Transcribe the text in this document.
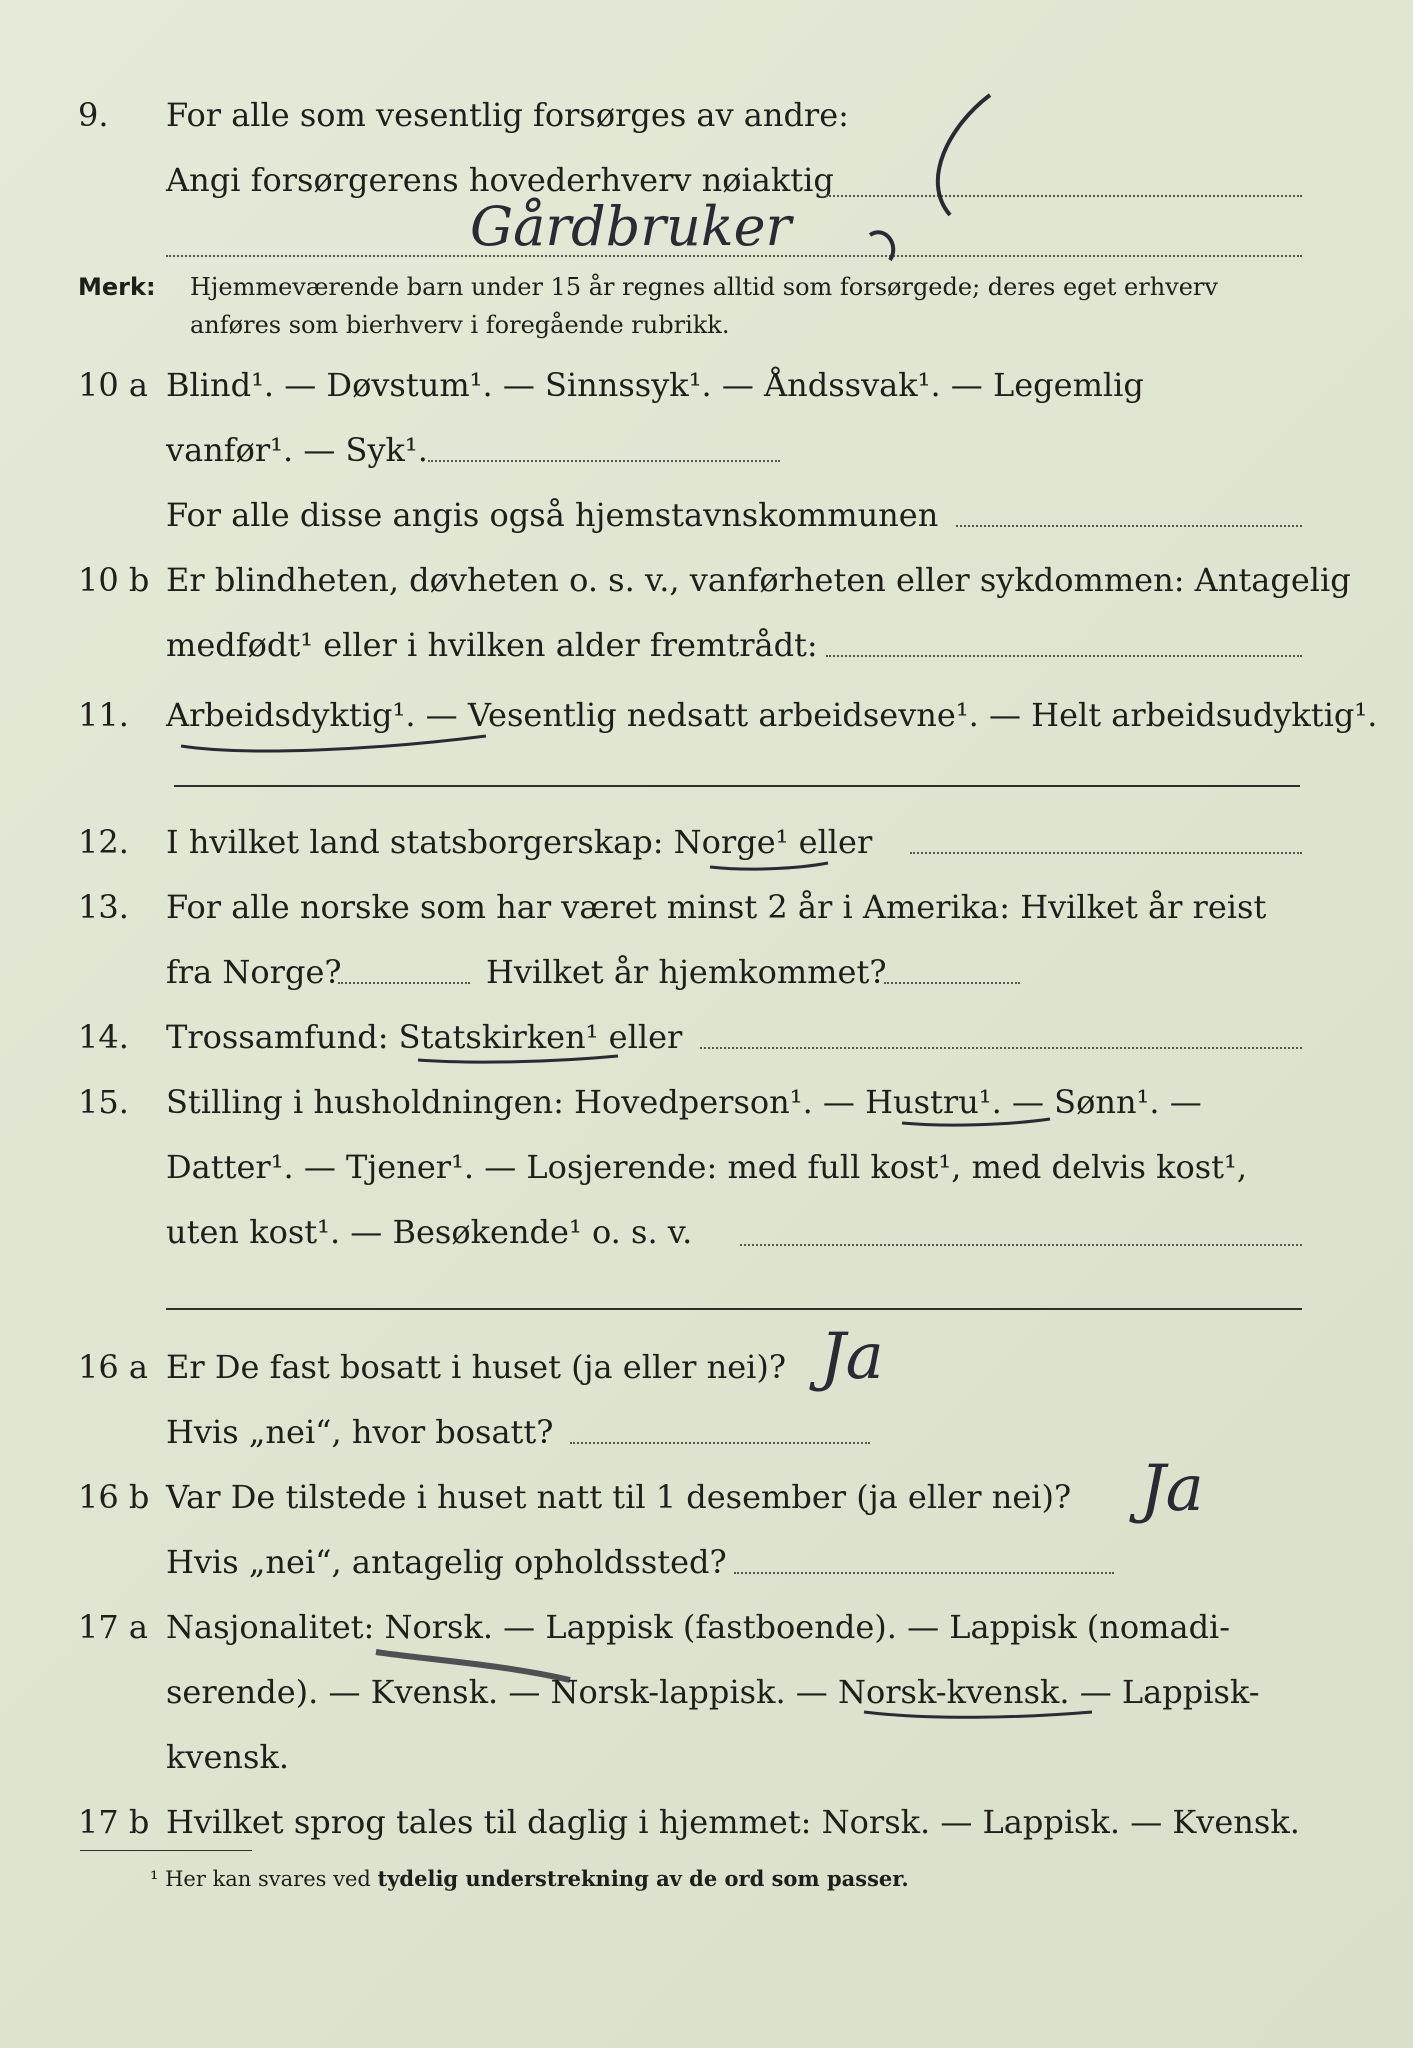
9. For alle som vesentlig forsørges av andre:
Angi forsørgerens hovederhverv nøiaktig
Gårdbruker
Merk: Hjemmeværende barn under 15 år regnes alltid som forsørgede; deres eget erhverv anføres som bierhverv i foregående rubrikk.
10 a Blind¹. — Døvstum¹. — Sinnssyk¹. — Åndssvak¹. — Legemlig
vanfør¹. — Syk¹.
For alle disse angis også hjemstavnskommunen
10 b Er blindheten, døvheten o. s. v., vanførheten eller sykdommen: Antagelig
medfødt¹ eller i hvilken alder fremtrådt:
11. Arbeidsdyktig¹. — Vesentlig nedsatt arbeidsevne¹. — Helt arbeidsudyktig¹.
12. I hvilket land statsborgerskap: Norge¹ eller
13. For alle norske som har været minst 2 år i Amerika: Hvilket år reist
fra Norge?	Hvilket år hjemkommet?
14. Trossamfund: Statskirken¹ eller
15. Stilling i husholdningen: Hovedperson¹. — Hustru¹. — Sønn¹. —
Datter¹. — Tjener¹. — Losjerende: med full kost¹, med delvis kost¹,
uten kost¹. — Besøkende¹ o. s. v.
16 a Er De fast bosatt i huset (ja eller nei)? Ja
Hvis „nei“, hvor bosatt?
16 b Var De tilstede i huset natt til 1 desember (ja eller nei)? Ja
Hvis „nei“, antagelig opholdssted?
17 a Nasjonalitet: Norsk. — Lappisk (fastboende). — Lappisk (nomadi-
serende). — Kvensk. — Norsk-lappisk. — Norsk-kvensk. — Lappisk-
kvensk.
17 b Hvilket sprog tales til daglig i hjemmet: Norsk. — Lappisk. — Kvensk.
¹ Her kan svares ved tydelig understrekning av de ord som passer.
